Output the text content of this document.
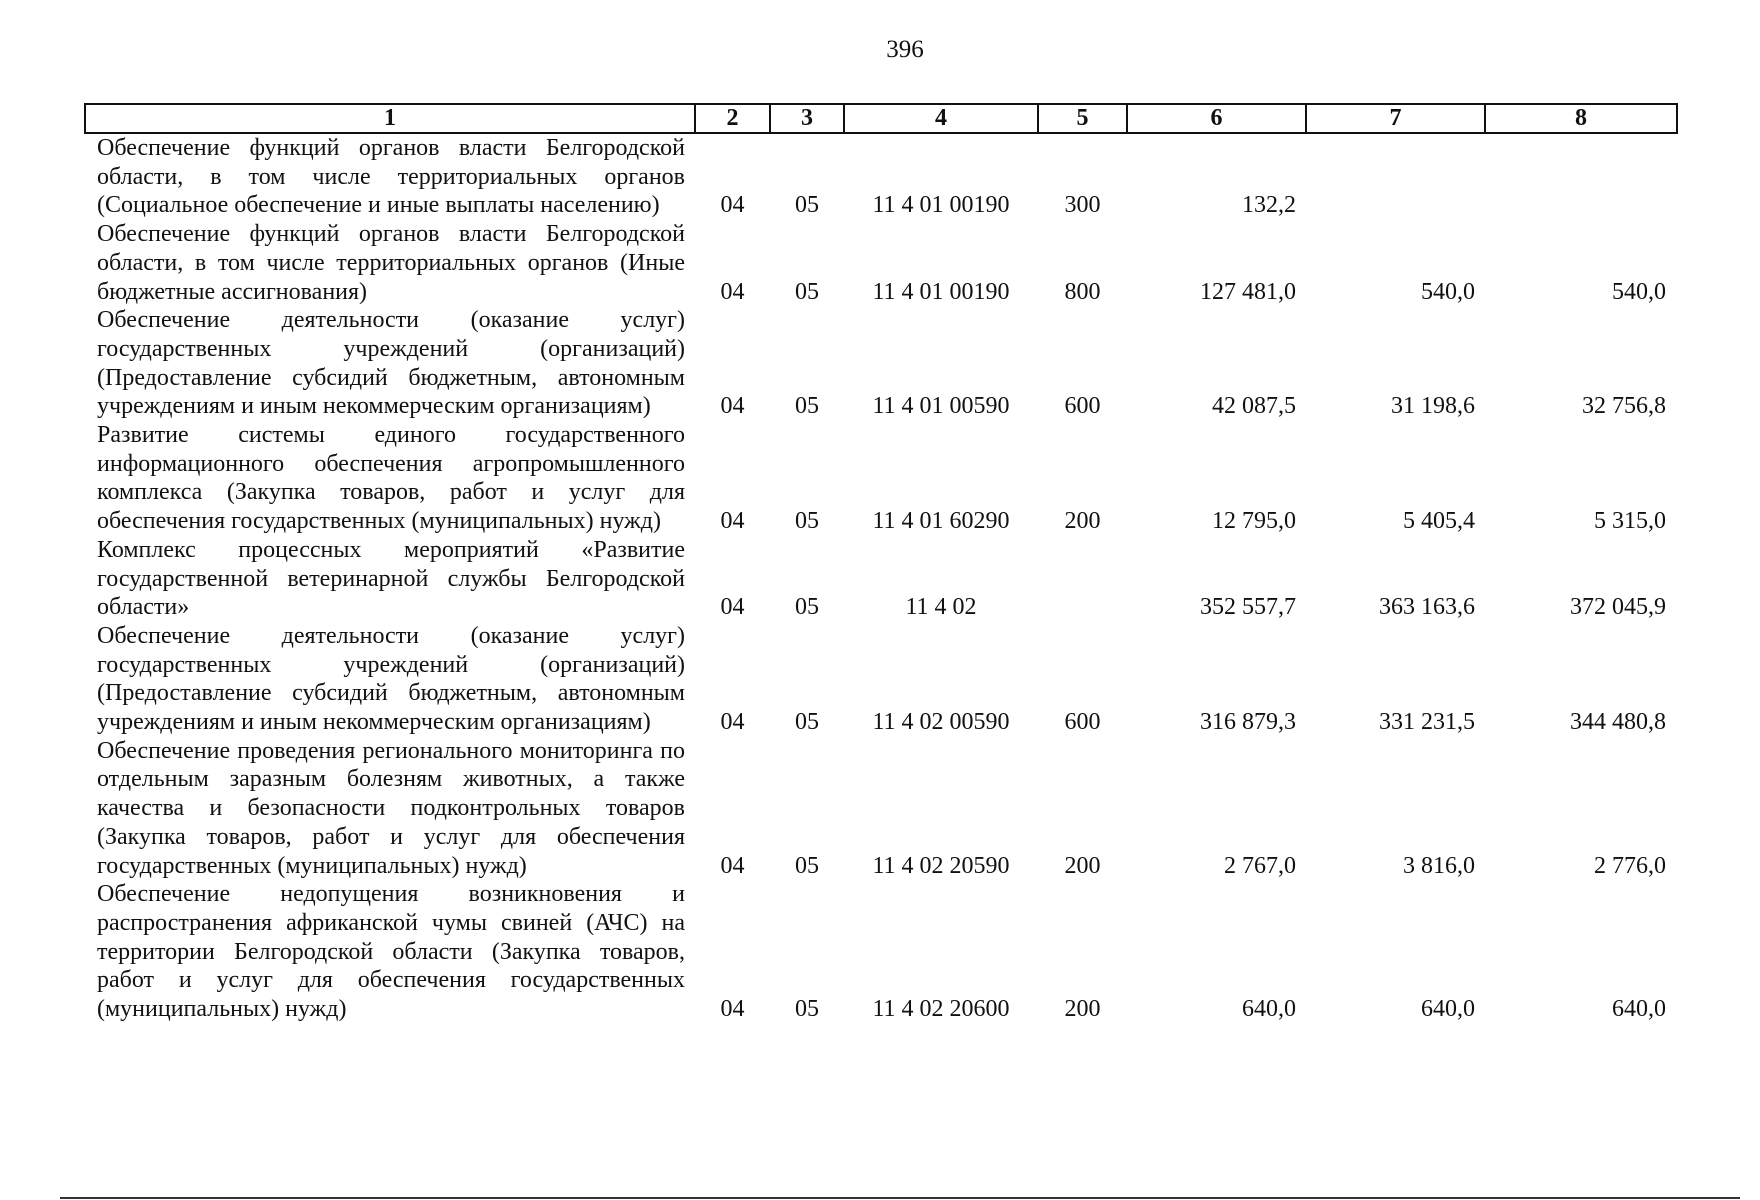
396
1	2	3	4	5	6	7	8
Обеспечение функций органов власти Белгородской области, в том числе территориальных органов (Социальное обеспечение и иные выплаты населению)	04	05	11 4 01 00190	300	132,2		
Обеспечение функций органов власти Белгородской области, в том числе территориальных органов (Иные бюджетные ассигнования)	04	05	11 4 01 00190	800	127 481,0	540,0	540,0
Обеспечение деятельности (оказание услуг) государственных учреждений (организаций) (Предоставление субсидий бюджетным, автономным учреждениям и иным некоммерческим организациям)	04	05	11 4 01 00590	600	42 087,5	31 198,6	32 756,8
Развитие системы единого государственного информационного обеспечения агропромышленного комплекса (Закупка товаров, работ и услуг для обеспечения государственных (муниципальных) нужд)	04	05	11 4 01 60290	200	12 795,0	5 405,4	5 315,0
Комплекс процессных мероприятий «Развитие государственной ветеринарной службы Белгородской области»	04	05	11 4 02		352 557,7	363 163,6	372 045,9
Обеспечение деятельности (оказание услуг) государственных учреждений (организаций) (Предоставление субсидий бюджетным, автономным учреждениям и иным некоммерческим организациям)	04	05	11 4 02 00590	600	316 879,3	331 231,5	344 480,8
Обеспечение проведения регионального мониторинга по отдельным заразным болезням животных, а также качества и безопасности подконтрольных товаров (Закупка товаров, работ и услуг для обеспечения государственных (муниципальных) нужд)	04	05	11 4 02 20590	200	2 767,0	3 816,0	2 776,0
Обеспечение недопущения возникновения и распространения африканской чумы свиней (АЧС) на территории Белгородской области (Закупка товаров, работ и услуг для обеспечения государственных (муниципальных) нужд)	04	05	11 4 02 20600	200	640,0	640,0	640,0
